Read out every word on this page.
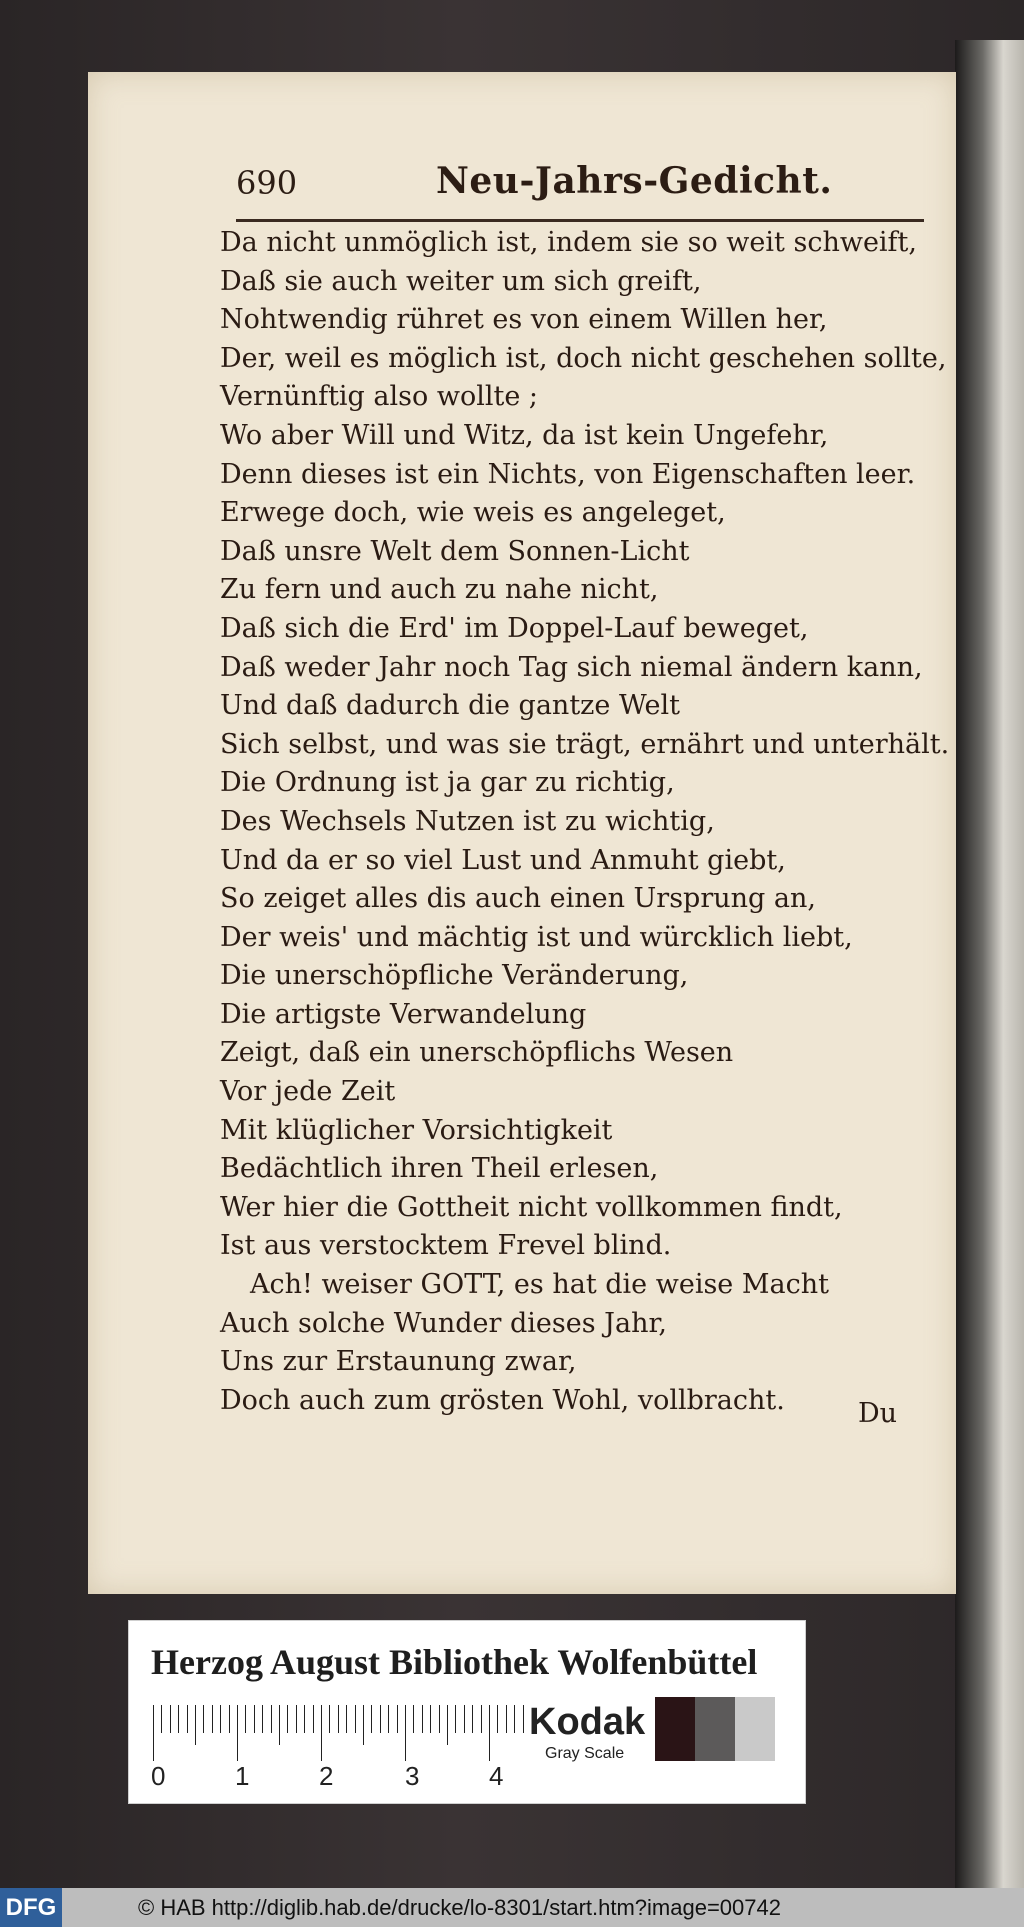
690	Neu-Jahrs-Gedicht.
Da nicht unmöglich ist, indem sie so weit schweift,
Daß sie auch weiter um sich greift,
Nohtwendig rühret es von einem Willen her,
Der, weil es möglich ist, doch nicht geschehen sollte,
Vernünftig also wollte ;
Wo aber Will und Witz, da ist kein Ungefehr,
Denn dieses ist ein Nichts, von Eigenschaften leer.
Erwege doch, wie weis es angeleget,
Daß unsre Welt dem Sonnen-Licht
Zu fern und auch zu nahe nicht,
Daß sich die Erd' im Doppel-Lauf beweget,
Daß weder Jahr noch Tag sich niemal ändern kann,
Und daß dadurch die gantze Welt
Sich selbst, und was sie trägt, ernährt und unterhält.
Die Ordnung ist ja gar zu richtig,
Des Wechsels Nutzen ist zu wichtig,
Und da er so viel Lust und Anmuht giebt,
So zeiget alles dis auch einen Ursprung an,
Der weis' und mächtig ist und würcklich liebt,
Die unerschöpfliche Veränderung,
Die artigste Verwandelung
Zeigt, daß ein unerschöpflichs Wesen
Vor jede Zeit
Mit klüglicher Vorsichtigkeit
Bedächtlich ihren Theil erlesen,
Wer hier die Gottheit nicht vollkommen findt,
Ist aus verstocktem Frevel blind.
Ach! weiser GOTT, es hat die weise Macht
Auch solche Wunder dieses Jahr,
Uns zur Erstaunung zwar,
Doch auch zum grösten Wohl, vollbracht.	Du
Herzog August Bibliothek Wolfenbüttel
0	1	2	3	4
Kodak
Gray Scale
DFG	© HAB http://diglib.hab.de/drucke/lo-8301/start.htm?image=00742
